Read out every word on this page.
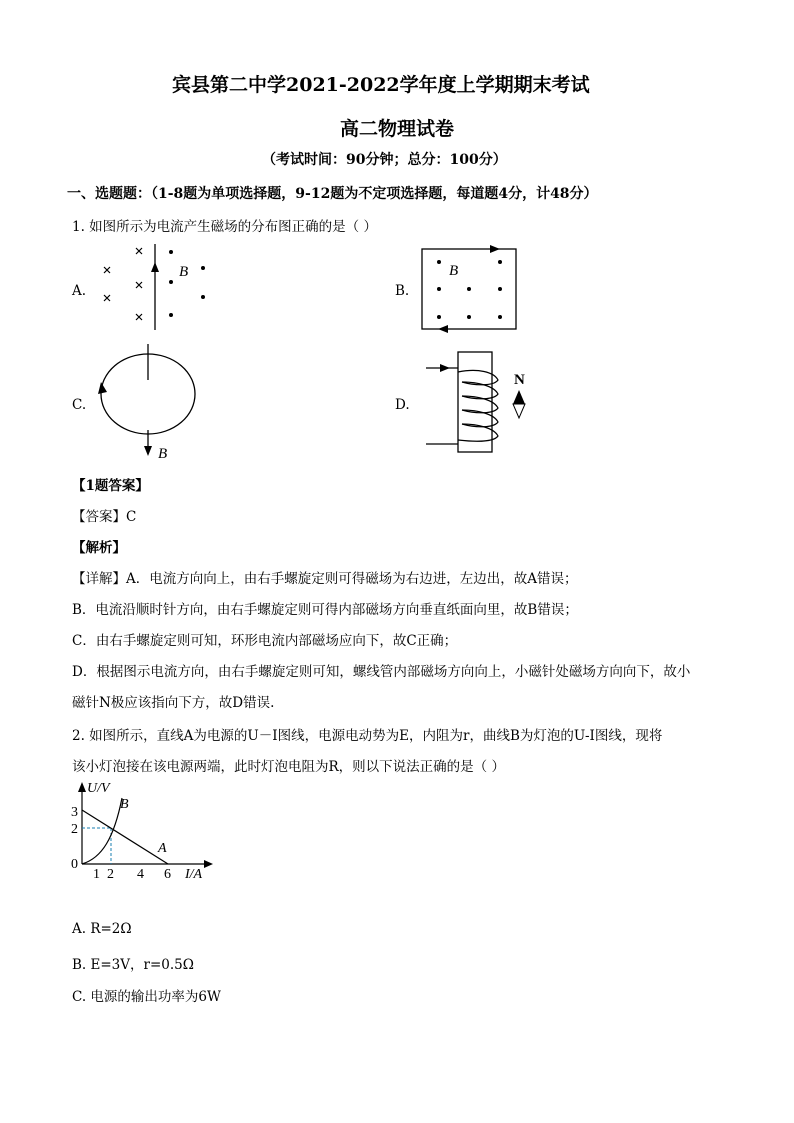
宾县第二中学2021-2022学年度上学期期末考试
高二物理试卷
（考试时间：90分钟；总分：100分）
一、选题题：（1-8题为单项选择题，9-12题为不定项选择题，每道题4分，计48分）
1. 如图所示为电流产生磁场的分布图正确的是（ ）
A.	B.
C.	D.
B	B
B
N
【1题答案】
【答案】C
【解析】
【详解】A．电流方向向上，由右手螺旋定则可得磁场为右边进，左边出，故A错误；
B．电流沿顺时针方向，由右手螺旋定则可得内部磁场方向垂直纸面向里，故B错误；
C．由右手螺旋定则可知，环形电流内部磁场应向下，故C正确；
D．根据图示电流方向，由右手螺旋定则可知，螺线管内部磁场方向向上，小磁针处磁场方向向下，故小
磁针N极应该指向下方，故D错误.
2. 如图所示，直线A为电源的U－I图线，电源电动势为E，内阻为r，曲线B为灯泡的U-I图线，现将
该小灯泡接在该电源两端，此时灯泡电阻为R，则以下说法正确的是（ ）
U/V
I/A
B
A
3
2
0
1 2 4 6
A. R=2Ω
B. E=3V，r=0.5Ω
C. 电源的输出功率为6W
